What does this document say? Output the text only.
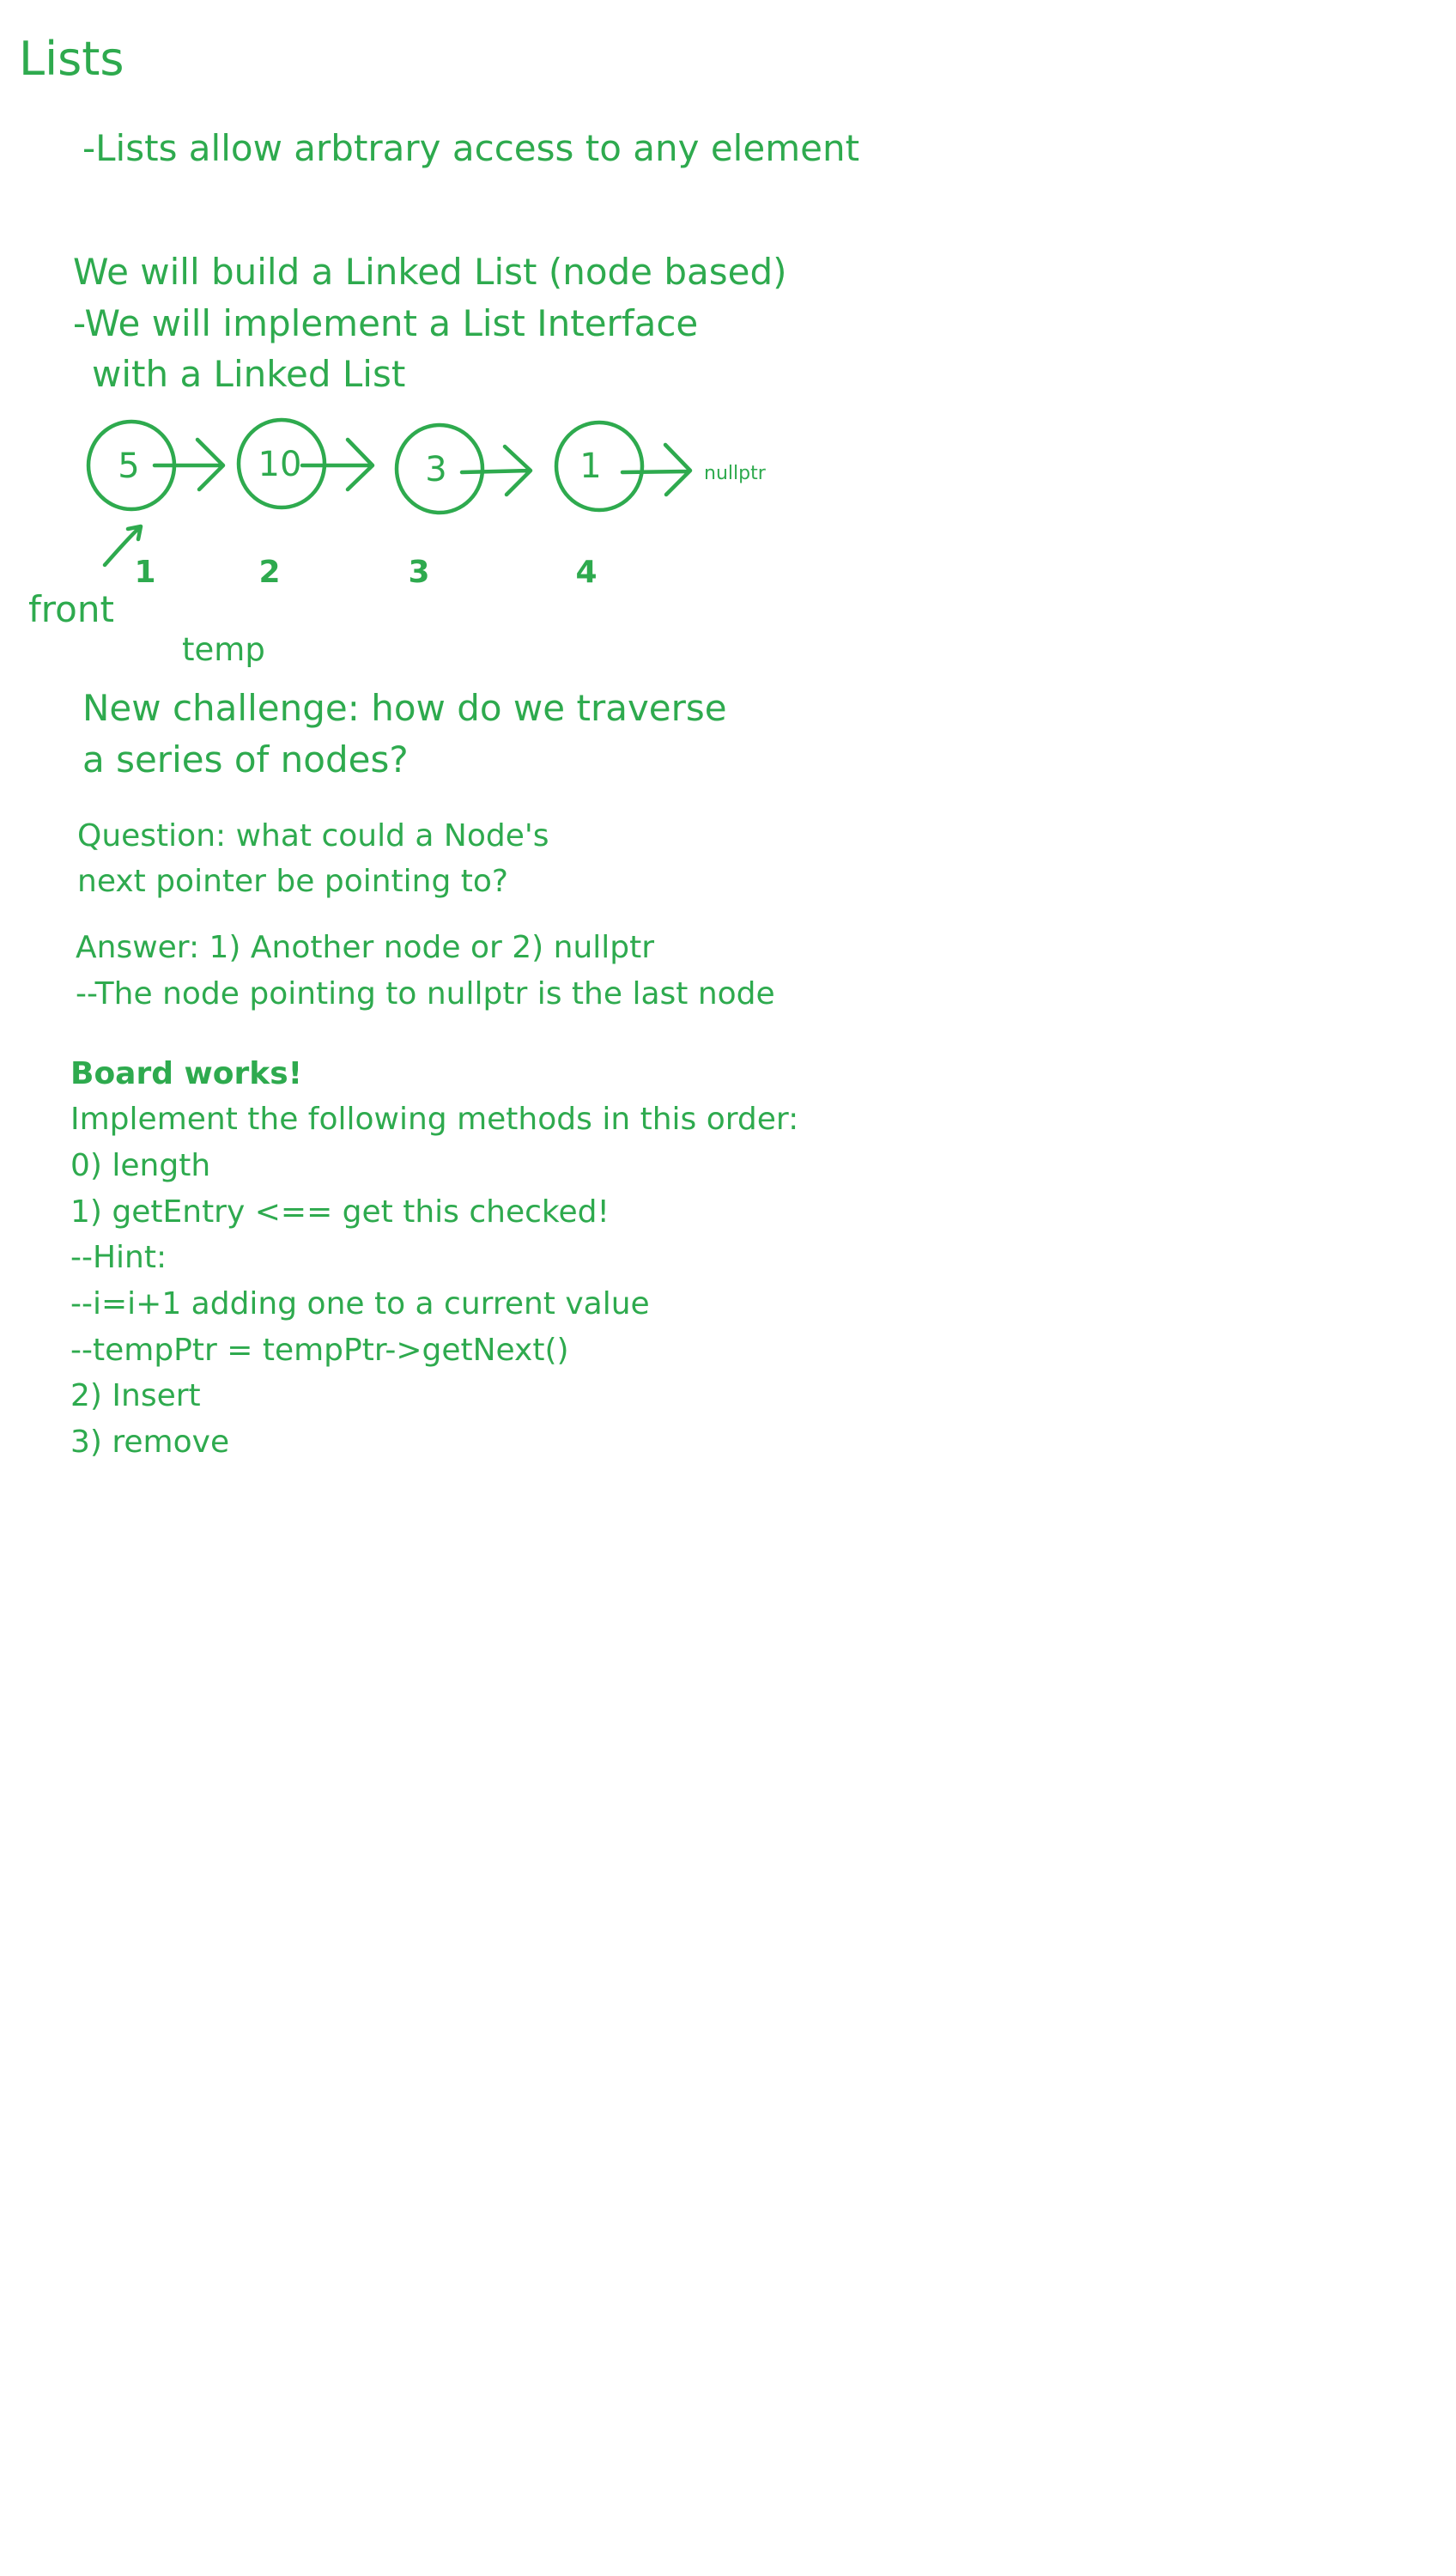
Lists
-Lists allow arbtrary access to any element
We will build a Linked List (node based)
-We will implement a List Interface
with a Linked List
5	10	3	1	nullptr
1	2	3	4
front
temp
New challenge: how do we traverse
a series of nodes?
Question: what could a Node's
next pointer be pointing to?
Answer: 1) Another node or 2) nullptr
--The node pointing to nullptr is the last node
Board works!
Implement the following methods in this order:
0) length
1) getEntry <== get this checked!
--Hint:
--i=i+1 adding one to a current value
--tempPtr = tempPtr->getNext()
2) Insert
3) remove
